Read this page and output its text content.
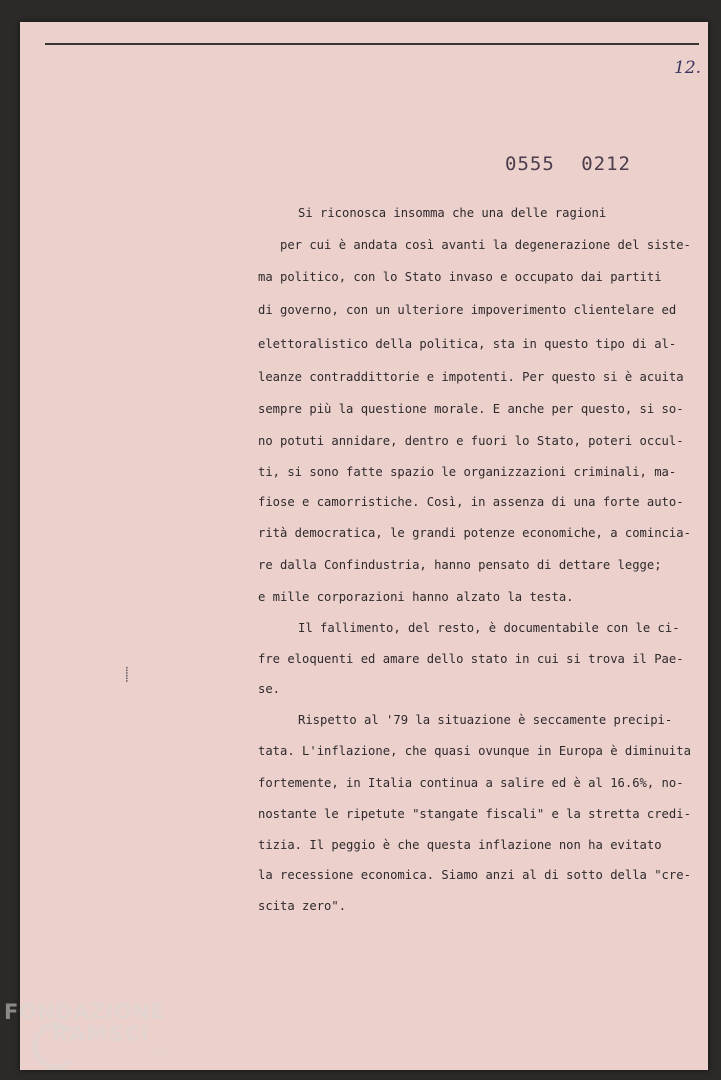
12.
0555 0212
⸽
Si riconosca insomma che una delle ragioni
per cui è andata così avanti la degenerazione del siste-
ma politico, con lo Stato invaso e occupato dai partiti
di governo, con un ulteriore impoverimento clientelare ed
elettoralistico della politica, sta in questo tipo di al-
leanze contraddittorie e impotenti. Per questo si è acuita
sempre più la questione morale. E anche per questo, si so-
no potuti annidare, dentro e fuori lo Stato, poteri occul-
ti, si sono fatte spazio le organizzazioni criminali, ma-
fiose e camorristiche. Così, in assenza di una forte auto-
rità democratica, le grandi potenze economiche, a comincia-
re dalla Confindustria, hanno pensato di dettare legge;
e mille corporazioni hanno alzato la testa.
Il fallimento, del resto, è documentabile con le ci-
fre eloquenti ed amare dello stato in cui si trova il Pae-
se.
Rispetto al '79 la situazione è seccamente precipi-
tata. L'inflazione, che quasi ovunque in Europa è diminuita
fortemente, in Italia continua a salire ed è al 16.6%, no-
nostante le ripetute "stangate fiscali" e la stretta credi-
tizia. Il peggio è che questa inflazione non ha evitato
la recessione economica. Siamo anzi al di sotto della "cre-
scita zero".
FONDAZIONE
RAMSCI
.onlus
